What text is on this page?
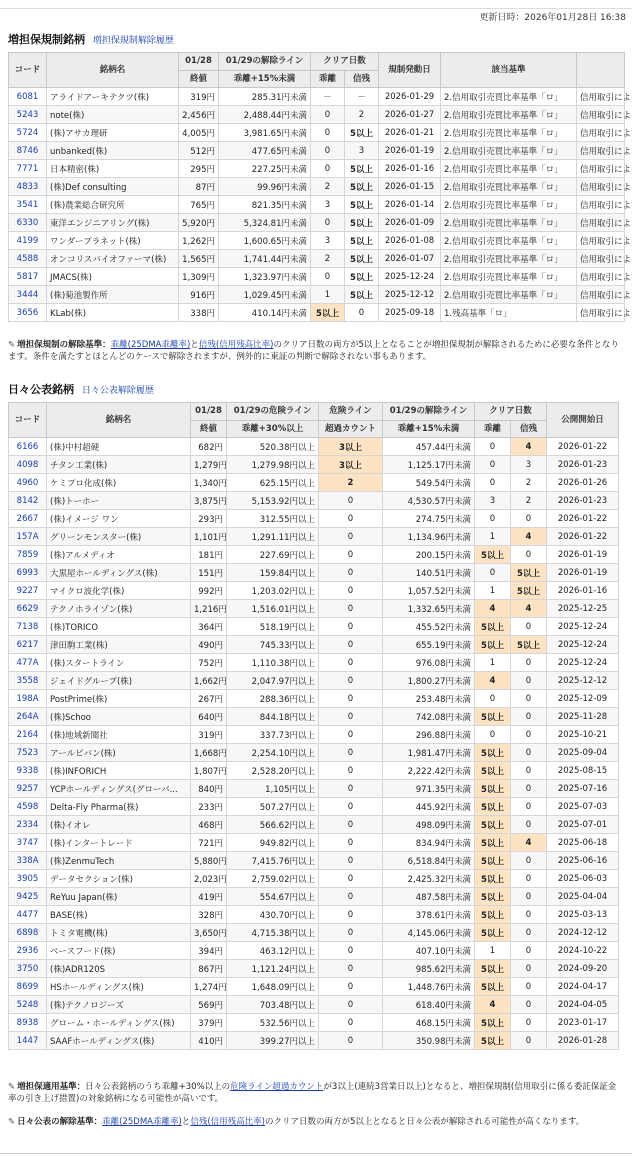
更新日時：2026年01月28日 16:38
増担保規制銘柄 増担保規制解除履歴
コード	銘柄名	01/28	01/29の解除ライン	クリア日数		規制発動日	該当基準	
		終値	乖離+15%未満	乖離	信残			
6081	アライドアーキテクツ(株)	319円	285.31円未満	－	－	2026-01-29	2.信用取引売買比率基準「ロ」	信用取引によ
5243	note(株)	2,456円	2,488.44円未満	0	2	2026-01-27	2.信用取引売買比率基準「ロ」	信用取引によ
5724	(株)アサカ理研	4,005円	3,981.65円未満	0	5以上	2026-01-21	2.信用取引売買比率基準「ロ」	信用取引によ
8746	unbanked(株)	512円	477.65円未満	0	3	2026-01-19	2.信用取引売買比率基準「ロ」	信用取引によ
7771	日本精密(株)	295円	227.25円未満	0	5以上	2026-01-16	2.信用取引売買比率基準「ロ」	信用取引によ
4833	(株)Def consulting	87円	99.96円未満	2	5以上	2026-01-15	2.信用取引売買比率基準「ロ」	信用取引によ
3541	(株)農業総合研究所	765円	821.35円未満	3	5以上	2026-01-14	2.信用取引売買比率基準「ロ」	信用取引によ
6330	東洋エンジニアリング(株)	5,920円	5,324.81円未満	0	5以上	2026-01-09	2.信用取引売買比率基準「ロ」	信用取引によ
4199	ワンダープラネット(株)	1,262円	1,600.65円未満	3	5以上	2026-01-08	2.信用取引売買比率基準「ロ」	信用取引によ
4588	オンコリスバイオファーマ(株)	1,565円	1,741.44円未満	2	5以上	2026-01-07	2.信用取引売買比率基準「ロ」	信用取引によ
5817	JMACS(株)	1,309円	1,323.97円未満	0	5以上	2025-12-24	2.信用取引売買比率基準「ロ」	信用取引によ
3444	(株)菊池製作所	916円	1,029.45円未満	1	5以上	2025-12-12	2.信用取引売買比率基準「ロ」	信用取引によ
3656	KLab(株)	338円	410.14円未満	5以上	0	2025-09-18	1.残高基準「ロ」	信用取引によ
✎ 増担保規制の解除基準：乖離(25DMA乖離率)と信残(信用残高比率)のクリア日数の両方が5以上となることが増担保規制が解除されるために必要な条件となります。条件を満たすとほとんどのケースで解除されますが、例外的に東証の判断で解除されない事もあります。
日々公表銘柄 日々公表解除履歴
コード	銘柄名	01/28	01/29の危険ライン	危険ライン	01/29の解除ライン	クリア日数		公開開始日
		終値	乖離+30%以上	超過カウント	乖離+15%未満	乖離	信残	
6166	(株)中村超硬	682円	520.38円以上	3以上	457.44円未満	0	4	2026-01-22
4098	チタン工業(株)	1,279円	1,279.98円以上	3以上	1,125.17円未満	0	3	2026-01-23
4960	ケミプロ化成(株)	1,340円	625.15円以上	2	549.54円未満	0	2	2026-01-26
8142	(株)トーホー	3,875円	5,153.92円以上	0	4,530.57円未満	3	2	2026-01-23
2667	(株)イメージ ワン	293円	312.55円以上	0	274.75円未満	0	0	2026-01-22
157A	グリーンモンスター(株)	1,101円	1,291.11円以上	0	1,134.96円未満	1	4	2026-01-22
7859	(株)アルメディオ	181円	227.69円以上	0	200.15円未満	5以上	0	2026-01-19
6993	大黒屋ホールディングス(株)	151円	159.84円以上	0	140.51円未満	0	5以上	2026-01-19
9227	マイクロ波化学(株)	992円	1,203.02円以上	0	1,057.52円未満	1	5以上	2026-01-16
6629	テクノホライゾン(株)	1,216円	1,516.01円以上	0	1,332.65円未満	4	4	2025-12-25
7138	(株)TORICO	364円	518.19円以上	0	455.52円未満	5以上	0	2025-12-24
6217	津田駒工業(株)	490円	745.33円以上	0	655.19円未満	5以上	5以上	2025-12-24
477A	(株)スタートライン	752円	1,110.38円以上	0	976.08円未満	1	0	2025-12-24
3558	ジェイドグループ(株)	1,662円	2,047.97円以上	0	1,800.27円未満	4	0	2025-12-12
198A	PostPrime(株)	267円	288.36円以上	0	253.48円未満	0	0	2025-12-09
264A	(株)Schoo	640円	844.18円以上	0	742.08円未満	5以上	0	2025-11-28
2164	(株)地域新聞社	319円	337.73円以上	0	296.88円未満	0	0	2025-10-21
7523	アールビバン(株)	1,668円	2,254.10円以上	0	1,981.47円未満	5以上	0	2025-09-04
9338	(株)INFORICH	1,807円	2,528.20円以上	0	2,222.42円未満	5以上	0	2025-08-15
9257	YCPホールディングス(グローバ...	840円	1,105円以上	0	971.35円未満	5以上	0	2025-07-16
4598	Delta-Fly Pharma(株)	233円	507.27円以上	0	445.92円未満	5以上	0	2025-07-03
2334	(株)イオレ	468円	566.62円以上	0	498.09円未満	5以上	0	2025-07-01
3747	(株)インタートレード	721円	949.82円以上	0	834.94円未満	5以上	4	2025-06-18
338A	(株)ZenmuTech	5,880円	7,415.76円以上	0	6,518.84円未満	5以上	0	2025-06-16
3905	データセクション(株)	2,023円	2,759.02円以上	0	2,425.32円未満	5以上	0	2025-06-03
9425	ReYuu Japan(株)	419円	554.67円以上	0	487.58円未満	5以上	0	2025-04-04
4477	BASE(株)	328円	430.70円以上	0	378.61円未満	5以上	0	2025-03-13
6898	トミタ電機(株)	3,650円	4,715.38円以上	0	4,145.06円未満	5以上	0	2024-12-12
2936	ベースフード(株)	394円	463.12円以上	0	407.10円未満	1	0	2024-10-22
3750	(株)ADR120S	867円	1,121.24円以上	0	985.62円未満	5以上	0	2024-09-20
8699	HSホールディングス(株)	1,274円	1,648.09円以上	0	1,448.76円未満	5以上	0	2024-04-17
5248	(株)テクノロジーズ	569円	703.48円以上	0	618.40円未満	4	0	2024-04-05
8938	グローム・ホールディングス(株)	379円	532.56円以上	0	468.15円未満	5以上	0	2023-01-17
1447	SAAFホールディングス(株)	410円	399.27円以上	0	350.98円未満	5以上	0	2026-01-28
✎ 増担保適用基準：日々公表銘柄のうち乖離+30%以上の危険ライン超過カウントが3以上(連続3営業日以上)となると、増担保規制(信用取引に係る委託保証金率の引き上げ措置)の対象銘柄になる可能性が高いです。
✎ 日々公表の解除基準：乖離(25DMA乖離率)と信残(信用残高比率)のクリア日数の両方が5以上となると日々公表が解除される可能性が高くなります。
